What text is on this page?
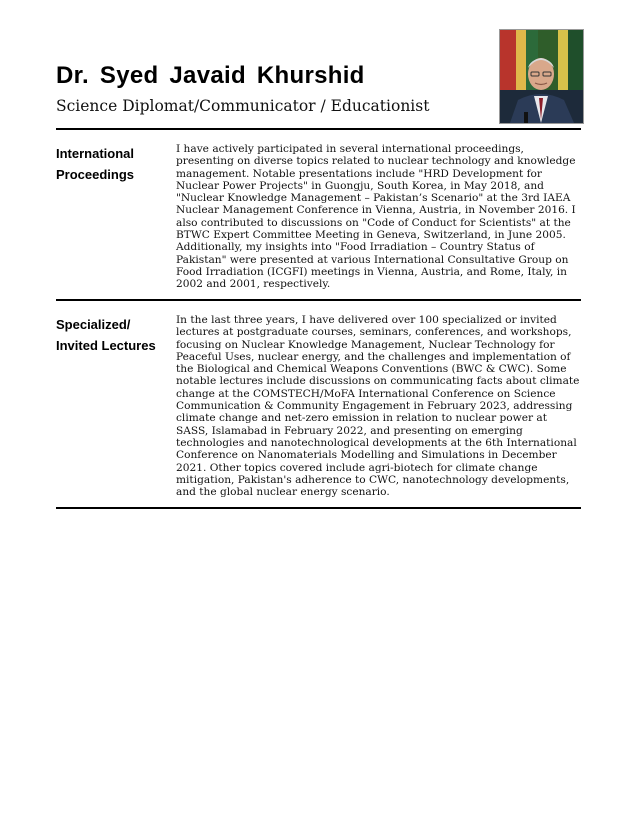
Dr. Syed Javaid Khurshid
Science Diplomat/Communicator / Educationist
International
Proceedings
I have actively participated in several international proceedings, presenting on diverse topics related to nuclear technology and knowledge management. Notable presentations include "HRD Development for Nuclear Power Projects" in Guongju, South Korea, in May 2018, and "Nuclear Knowledge Management – Pakistan’s Scenario" at the 3rd IAEA Nuclear Management Conference in Vienna, Austria, in November 2016. I also contributed to discussions on "Code of Conduct for Scientists" at the BTWC Expert Committee Meeting in Geneva, Switzerland, in June 2005. Additionally, my insights into "Food Irradiation – Country Status of Pakistan" were presented at various International Consultative Group on Food Irradiation (ICGFI) meetings in Vienna, Austria, and Rome, Italy, in 2002 and 2001, respectively.
Specialized/
Invited Lectures
In the last three years, I have delivered over 100 specialized or invited lectures at postgraduate courses, seminars, conferences, and workshops, focusing on Nuclear Knowledge Management, Nuclear Technology for Peaceful Uses, nuclear energy, and the challenges and implementation of the Biological and Chemical Weapons Conventions (BWC & CWC). Some notable lectures include discussions on communicating facts about climate change at the COMSTECH/MoFA International Conference on Science Communication & Community Engagement in February 2023, addressing climate change and net-zero emission in relation to nuclear power at SASS, Islamabad in February 2022, and presenting on emerging technologies and nanotechnological developments at the 6th International Conference on Nanomaterials Modelling and Simulations in December 2021. Other topics covered include agri-biotech for climate change mitigation, Pakistan's adherence to CWC, nanotechnology developments, and the global nuclear energy scenario.
